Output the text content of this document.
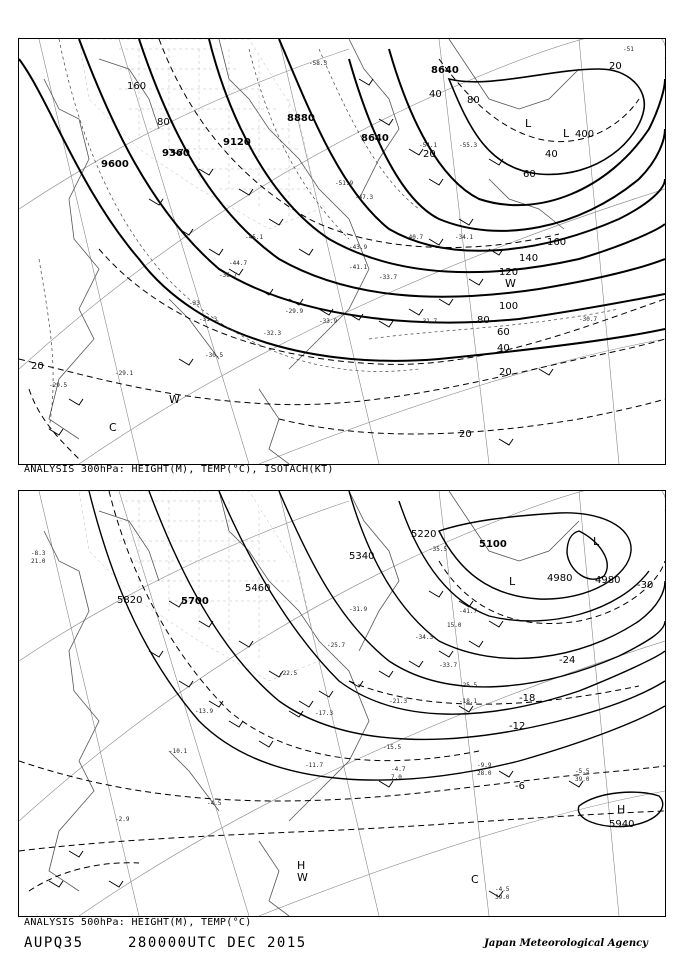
9600
9360
9120
8880
8640
8640
160
80
40
80
160
140
120
100
80
60
40
20
20
20
20
40
60
400
20
W
C
W
L
L
-51
-33
-30.7
-31.7
-29.9
-31.3
-32.3
-33.9
-43.9
-54.1
-40.7
-44.7
-34.1
-29.5
-51.9
-33.7
-58.3
-47.3
-45.1
-36.7
-55.3
-41.1
-30.5
-29.1
ANALYSIS 300hPa: HEIGHT(M), TEMP(°C), ISOTACH(KT)
5820	5700
5460
5340
5220
5100
4980 4980
5940
-30
-24
-18
-12
-6
L
L
H
H
W	C
-8.3
21.0
-4.5
-2.9
-13.9
-10.1
-22.5
-17.3
-25.7
-31.9
-35.5
-41.7
-33.7
-25.5
-18.1
-9.9
28.0	-5.5
39.0
-4.5
39.0
-11.7
-15.5
-4.7
7.0
15.0
-34.3
-21.3
ANALYSIS 500hPa: HEIGHT(M), TEMP(°C)
AUPQ35	280000UTC DEC 2015	Japan Meteorological Agency
